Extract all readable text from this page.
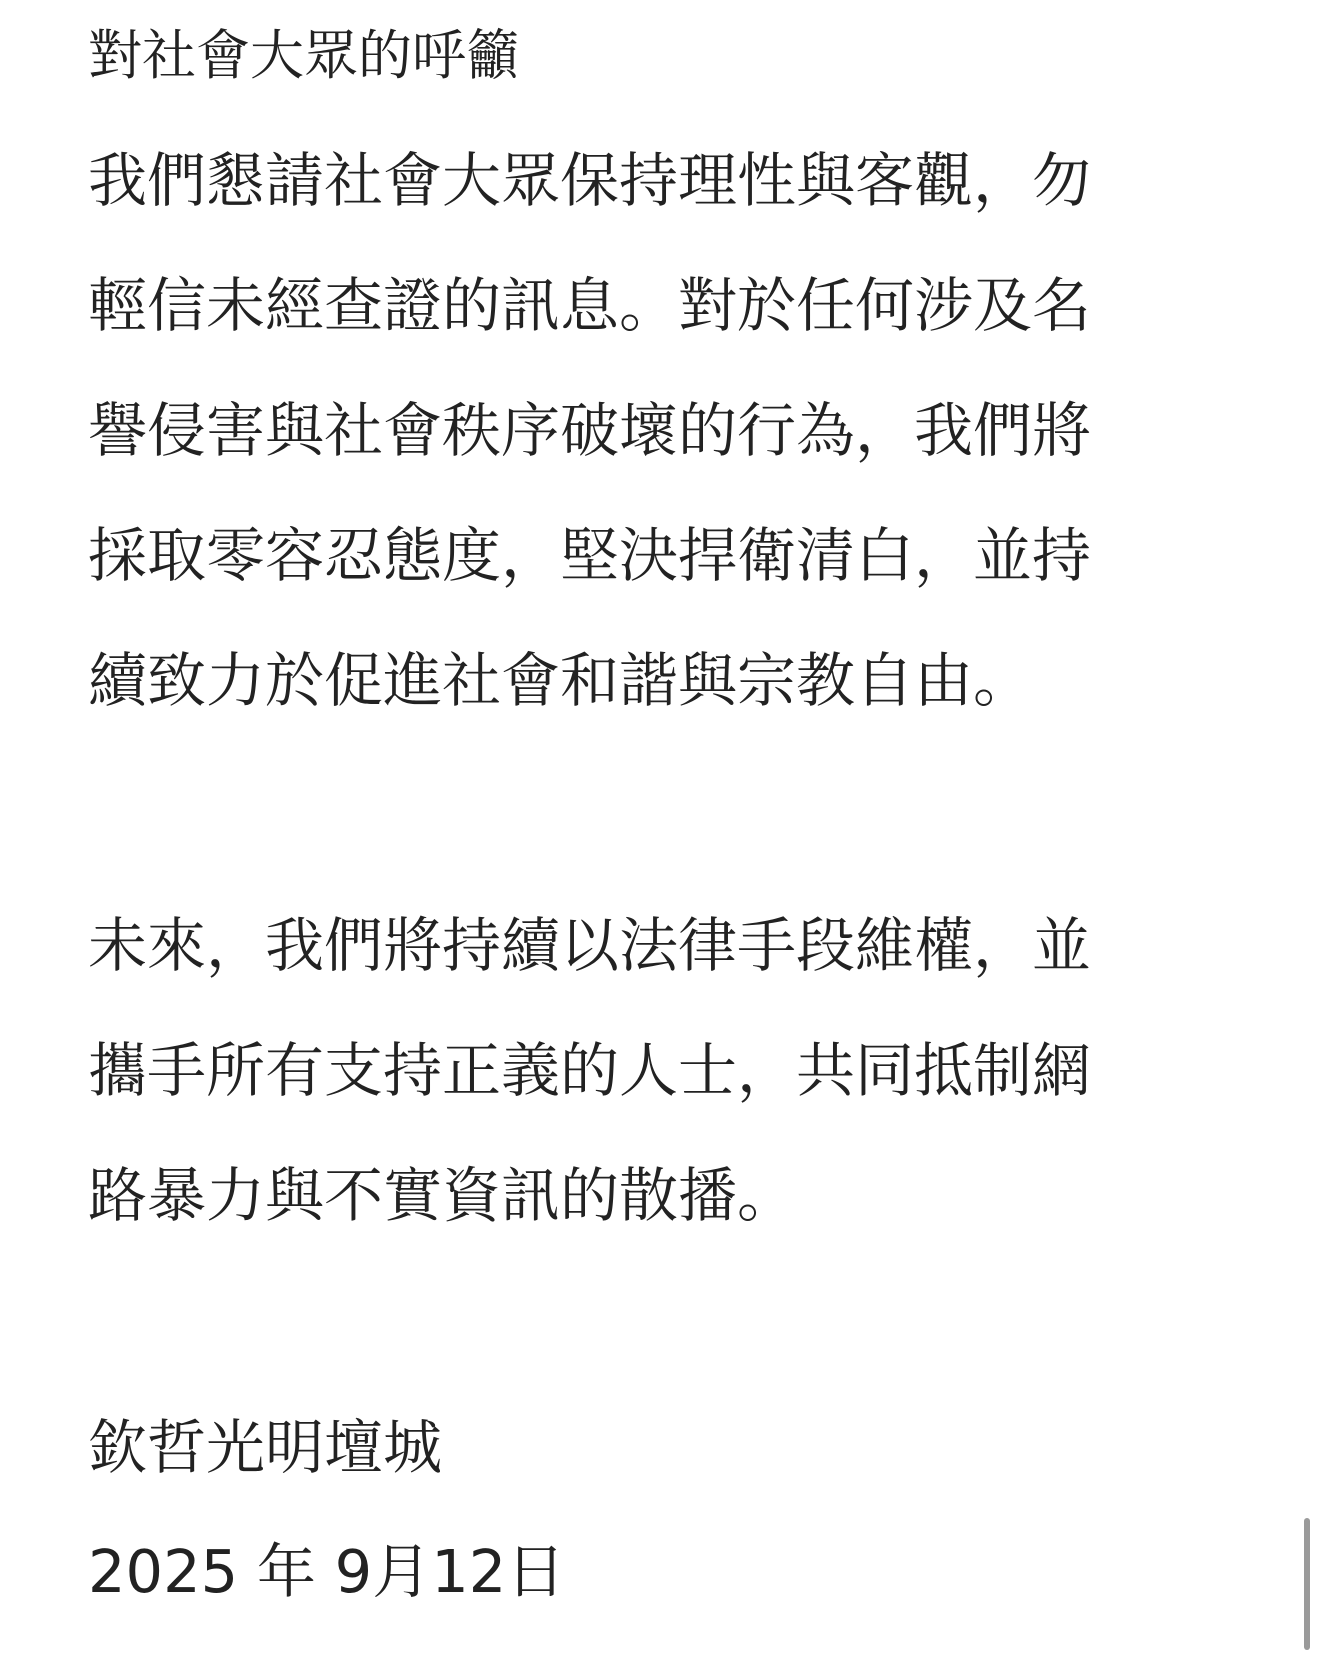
對社會大眾的呼籲
我們懇請社會大眾保持理性與客觀，勿
輕信未經查證的訊息。對於任何涉及名
譽侵害與社會秩序破壞的行為，我們將
採取零容忍態度，堅決捍衛清白，並持
續致力於促進社會和諧與宗教自由。
未來，我們將持續以法律手段維權，並
攜手所有支持正義的人士，共同抵制網
路暴力與不實資訊的散播。
欽哲光明壇城
2025 年 9月12日
